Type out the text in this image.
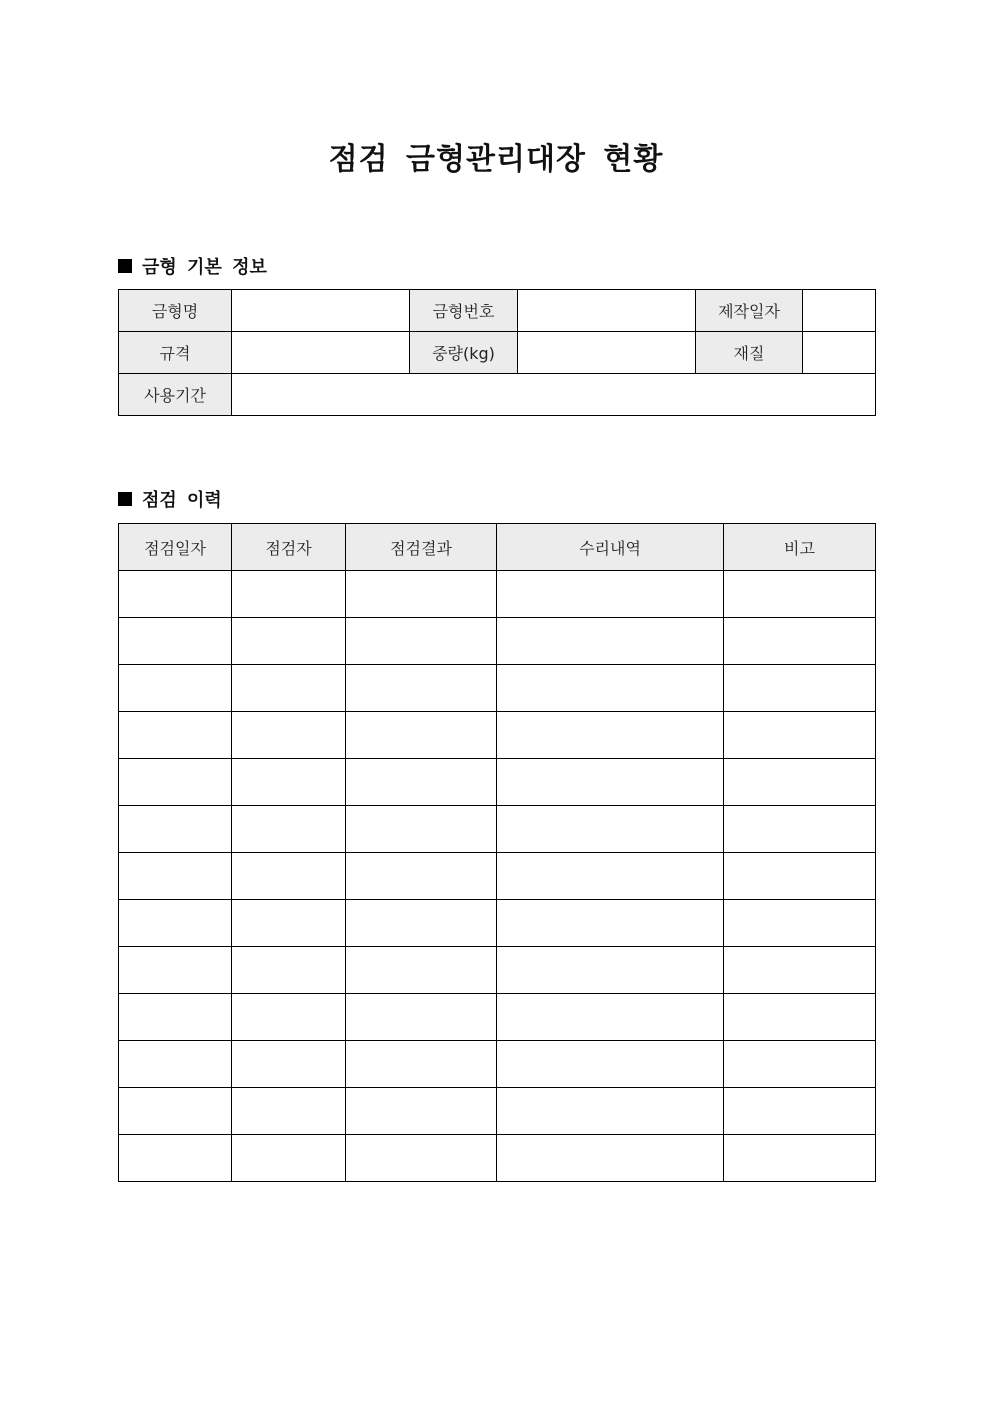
점검 금형관리대장 현황
금형 기본 정보
금형명		금형번호		제작일자	
규격		중량(kg)		재질	
사용기간					
점검 이력
점검일자	점검자	점검결과	수리내역	비고
